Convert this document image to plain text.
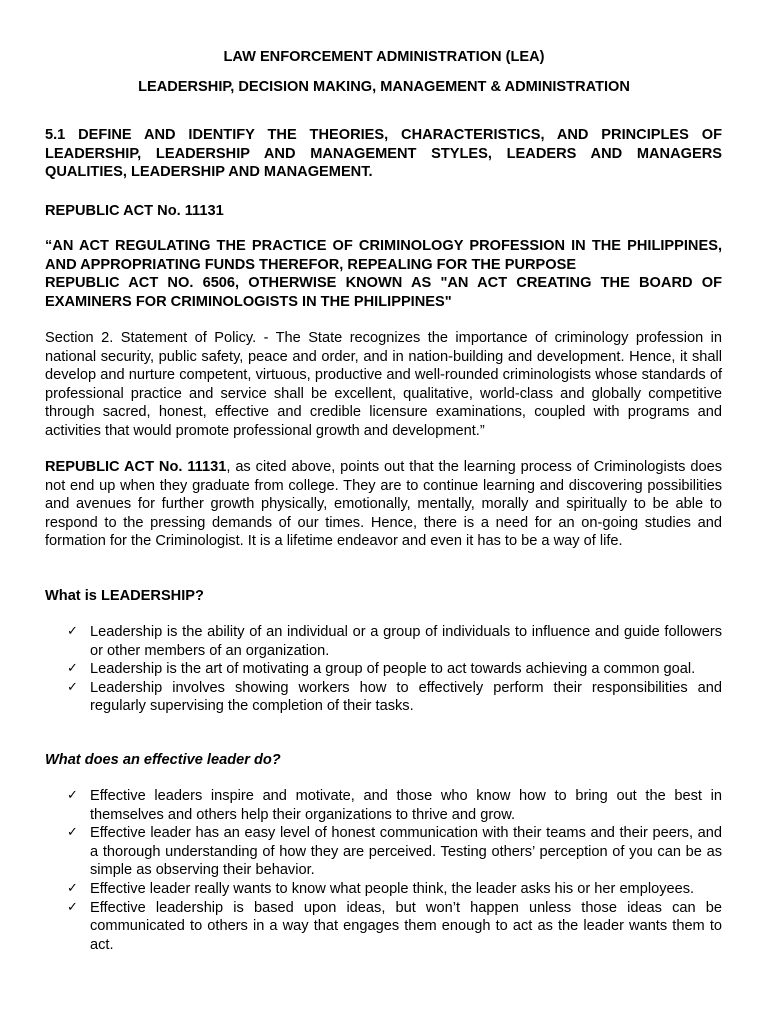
LAW ENFORCEMENT ADMINISTRATION (LEA)
LEADERSHIP, DECISION MAKING, MANAGEMENT & ADMINISTRATION
5.1 DEFINE AND IDENTIFY THE THEORIES, CHARACTERISTICS, AND PRINCIPLES OF LEADERSHIP, LEADERSHIP AND MANAGEMENT STYLES, LEADERS AND MANAGERS QUALITIES, LEADERSHIP AND MANAGEMENT.
REPUBLIC ACT No. 11131
“AN ACT REGULATING THE PRACTICE OF CRIMINOLOGY PROFESSION IN THE PHILIPPINES, AND APPROPRIATING FUNDS THEREFOR, REPEALING FOR THE PURPOSE
REPUBLIC ACT NO. 6506, OTHERWISE KNOWN AS "AN ACT CREATING THE BOARD OF EXAMINERS FOR CRIMINOLOGISTS IN THE PHILIPPINES"
Section 2. Statement of Policy. - The State recognizes the importance of criminology profession in national security, public safety, peace and order, and in nation-building and development. Hence, it shall develop and nurture competent, virtuous, productive and well-rounded criminologists whose standards of professional practice and service shall be excellent, qualitative, world-class and globally competitive through sacred, honest, effective and credible licensure examinations, coupled with programs and activities that would promote professional growth and development.”
REPUBLIC ACT No. 11131, as cited above, points out that the learning process of Criminologists does not end up when they graduate from college. They are to continue learning and discovering possibilities and avenues for further growth physically, emotionally, mentally, morally and spiritually to be able to respond to the pressing demands of our times. Hence, there is a need for an on-going studies and formation for the Criminologist. It is a lifetime endeavor and even it has to be a way of life.
What is LEADERSHIP?
✓ Leadership is the ability of an individual or a group of individuals to influence and guide followers or other members of an organization.
✓ Leadership is the art of motivating a group of people to act towards achieving a common goal.
✓ Leadership involves showing workers how to effectively perform their responsibilities and regularly supervising the completion of their tasks.
What does an effective leader do?
✓ Effective leaders inspire and motivate, and those who know how to bring out the best in themselves and others help their organizations to thrive and grow.
✓ Effective leader has an easy level of honest communication with their teams and their peers, and a thorough understanding of how they are perceived. Testing others’ perception of you can be as simple as observing their behavior.
✓ Effective leader really wants to know what people think, the leader asks his or her employees.
✓ Effective leadership is based upon ideas, but won’t happen unless those ideas can be communicated to others in a way that engages them enough to act as the leader wants them to act.
